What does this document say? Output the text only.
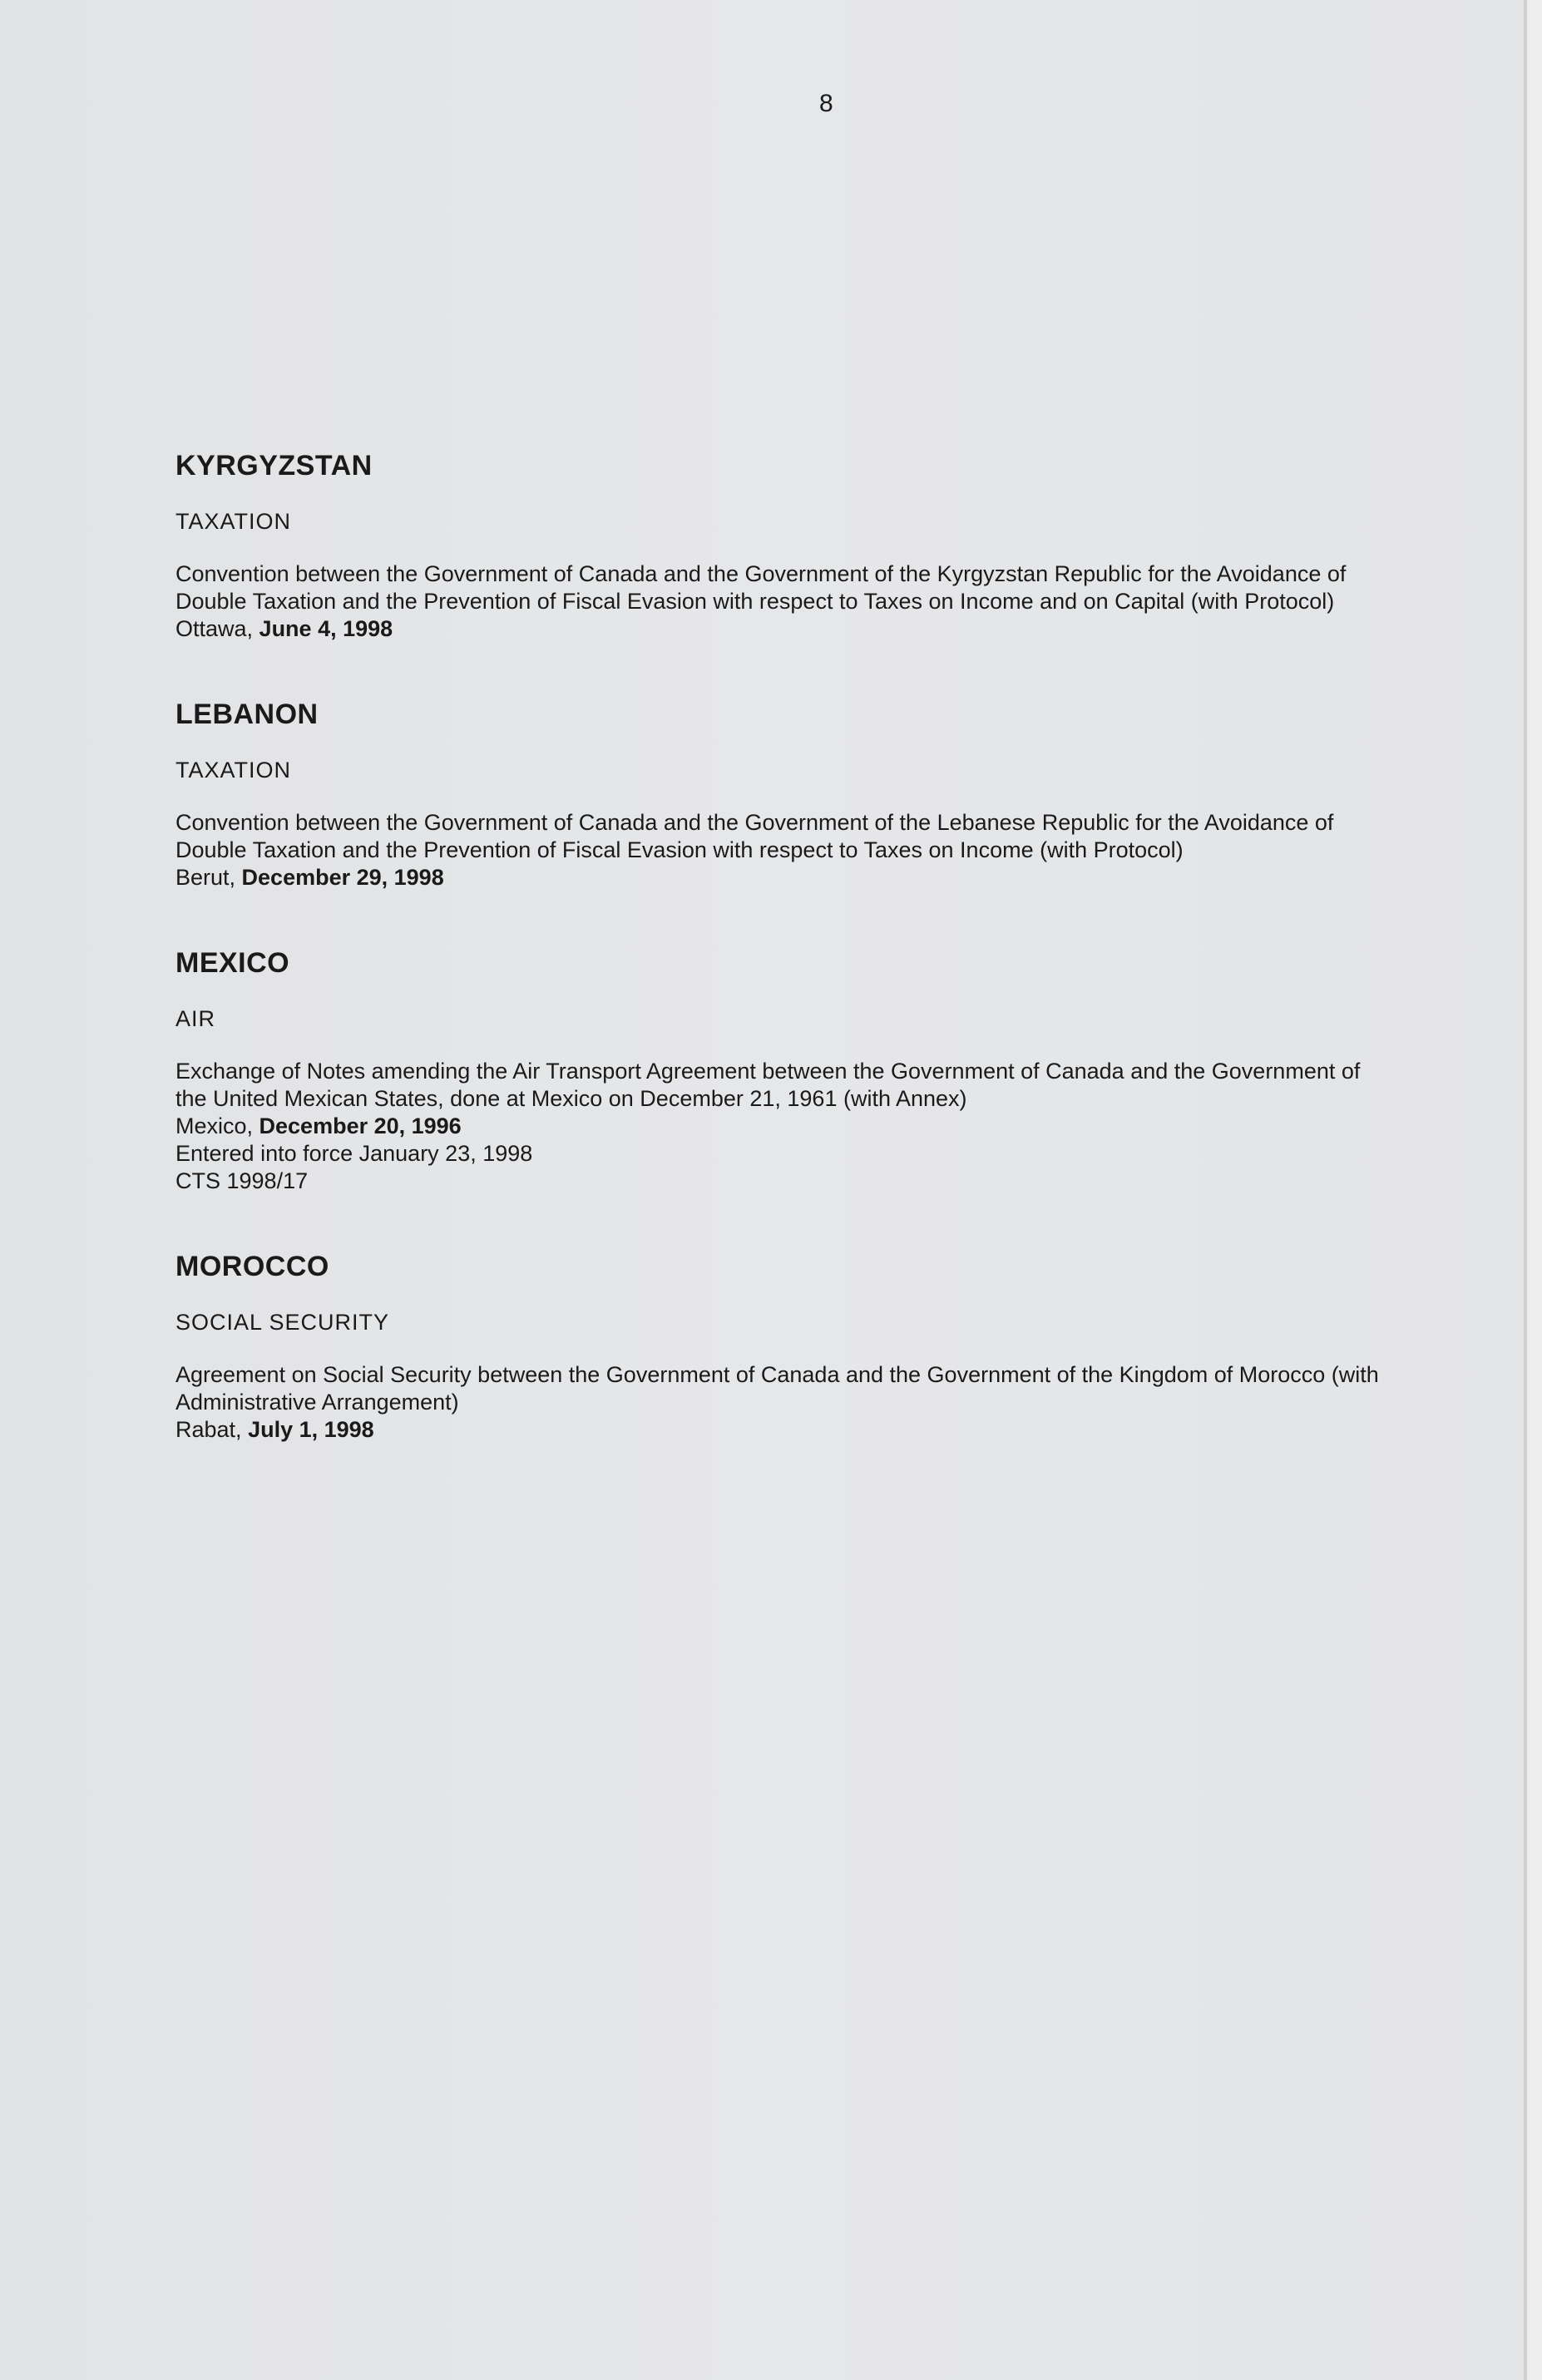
8
KYRGYZSTAN
TAXATION
Convention between the Government of Canada and the Government of the Kyrgyzstan Republic for the Avoidance of Double Taxation and the Prevention of Fiscal Evasion with respect to Taxes on Income and on Capital (with Protocol)
Ottawa, June 4, 1998
LEBANON
TAXATION
Convention between the Government of Canada and the Government of the Lebanese Republic for the Avoidance of Double Taxation and the Prevention of Fiscal Evasion with respect to Taxes on Income (with Protocol)
Berut, December 29, 1998
MEXICO
AIR
Exchange of Notes amending the Air Transport Agreement between the Government of Canada and the Government of the United Mexican States, done at Mexico on December 21, 1961 (with Annex)
Mexico, December 20, 1996
Entered into force January 23, 1998
CTS 1998/17
MOROCCO
SOCIAL SECURITY
Agreement on Social Security between the Government of Canada and the Government of the Kingdom of Morocco (with Administrative Arrangement)
Rabat, July 1, 1998
